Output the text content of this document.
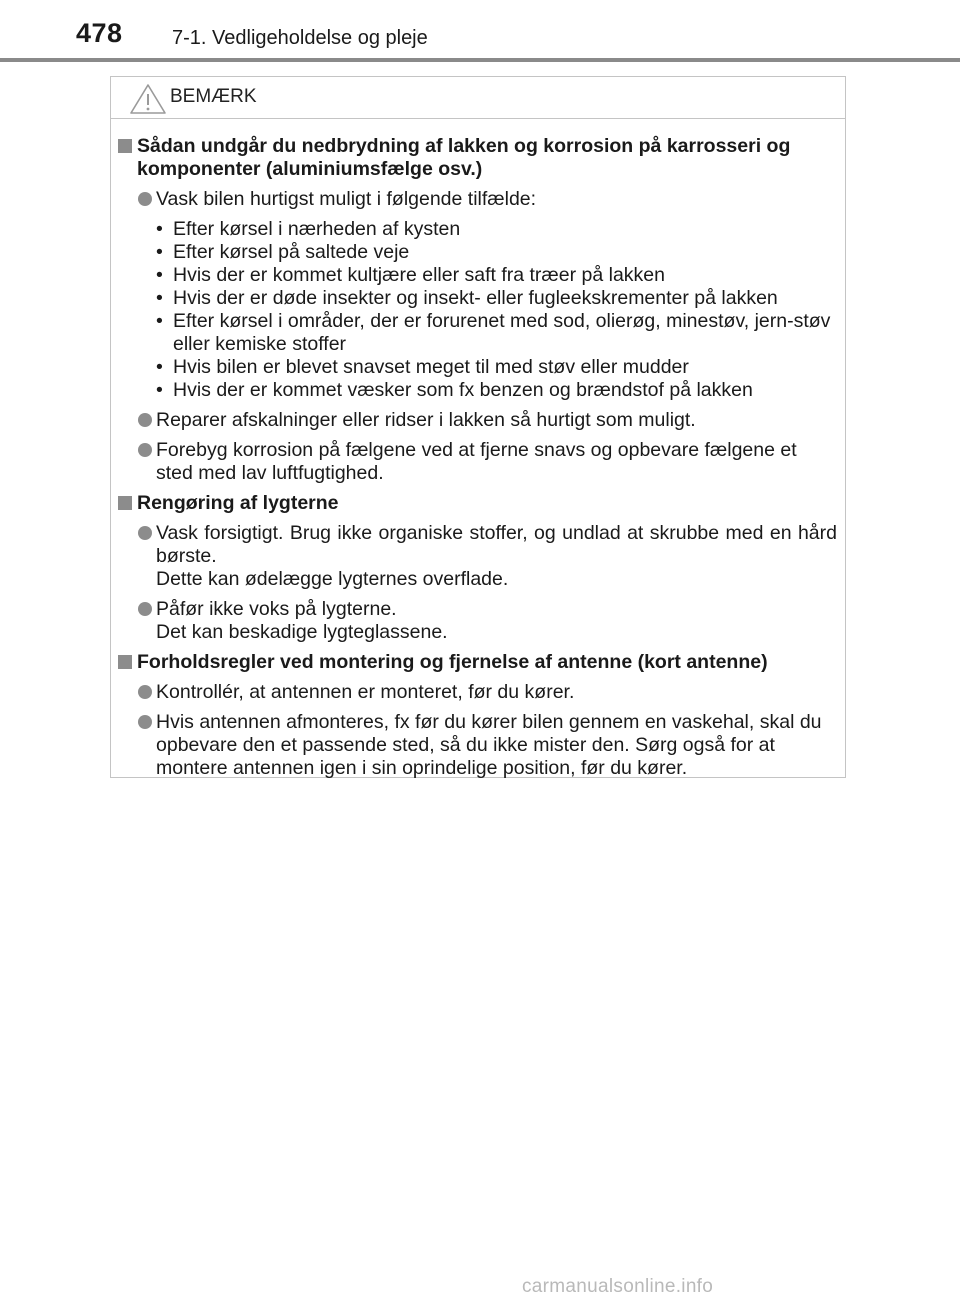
478 7-1. Vedligeholdelse og pleje
BEMÆRK
Sådan undgår du nedbrydning af lakken og korrosion på karrosseri og komponenter (aluminiumsfælge osv.)
Vask bilen hurtigst muligt i følgende tilfælde:
• Efter kørsel i nærheden af kysten
• Efter kørsel på saltede veje
• Hvis der er kommet kultjære eller saft fra træer på lakken
• Hvis der er døde insekter og insekt- eller fugleekskrementer på lakken
• Efter kørsel i områder, der er forurenet med sod, olierøg, minestøv, jern-støv eller kemiske stoffer
• Hvis bilen er blevet snavset meget til med støv eller mudder
• Hvis der er kommet væsker som fx benzen og brændstof på lakken
Reparer afskalninger eller ridser i lakken så hurtigt som muligt.
Forebyg korrosion på fælgene ved at fjerne snavs og opbevare fælgene et sted med lav luftfugtighed.
Rengøring af lygterne
Vask forsigtigt. Brug ikke organiske stoffer, og undlad at skrubbe med en hård børste.
Dette kan ødelægge lygternes overflade.
Påfør ikke voks på lygterne.
Det kan beskadige lygteglassene.
Forholdsregler ved montering og fjernelse af antenne (kort antenne)
Kontrollér, at antennen er monteret, før du kører.
Hvis antennen afmonteres, fx før du kører bilen gennem en vaskehal, skal du opbevare den et passende sted, så du ikke mister den. Sørg også for at montere antennen igen i sin oprindelige position, før du kører.
carmanualsonline.info
